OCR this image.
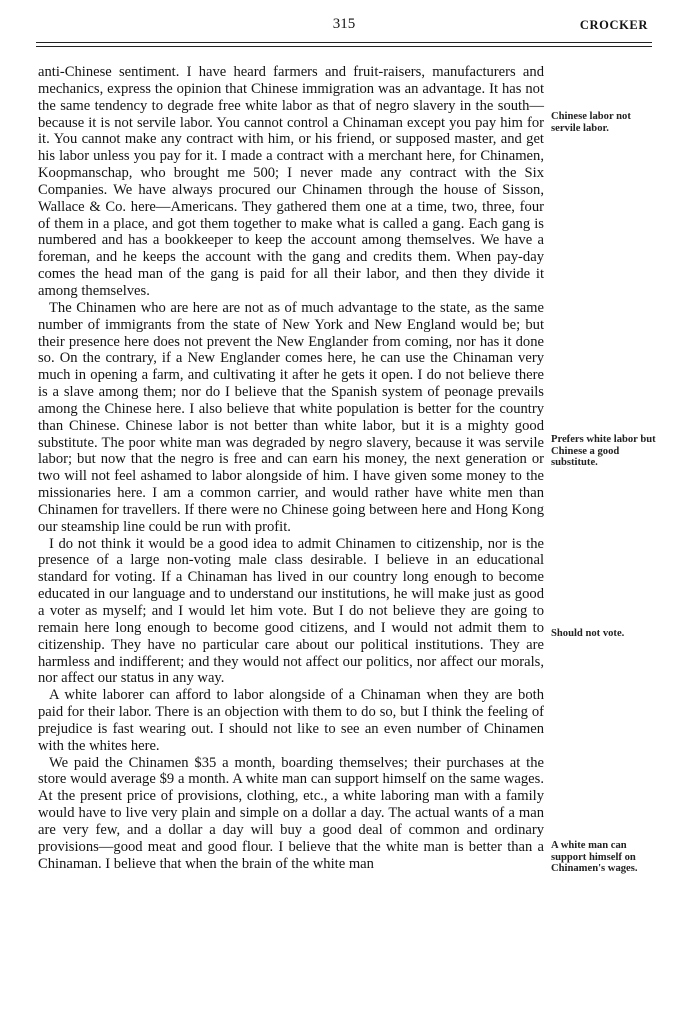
315	CROCKER

anti-Chinese sentiment. I have heard farmers and fruit-raisers, manufacturers and mechanics, express the opinion that Chinese immigration was an advantage. It has not the same tendency to degrade free white labor as that of negro slavery in the south—because it is not servile labor. You cannot control a Chinaman except you pay him for it. You cannot make any contract with him, or his friend, or supposed master, and get his labor unless you pay for it. I made a contract with a merchant here, for Chinamen, Koopmanschap, who brought me 500; I never made any contract with the Six Companies. We have always procured our Chinamen through the house of Sisson, Wallace & Co. here—Americans. They gathered them one at a time, two, three, four of them in a place, and got them together to make what is called a gang. Each gang is numbered and has a bookkeeper to keep the account among themselves. We have a foreman, and he keeps the account with the gang and credits them. When pay-day comes the head man of the gang is paid for all their labor, and then they divide it among themselves.

The Chinamen who are here are not as of much advantage to the state, as the same number of immigrants from the state of New York and New England would be; but their presence here does not prevent the New Englander from coming, nor has it done so. On the contrary, if a New Englander comes here, he can use the Chinaman very much in opening a farm, and cultivating it after he gets it open. I do not believe there is a slave among them; nor do I believe that the Spanish system of peonage prevails among the Chinese here. I also believe that white population is better for the country than Chinese. Chinese labor is not better than white labor, but it is a mighty good substitute. The poor white man was degraded by negro slavery, because it was servile labor; but now that the negro is free and can earn his money, the next generation or two will not feel ashamed to labor alongside of him. I have given some money to the missionaries here. I am a common carrier, and would rather have white men than Chinamen for travellers. If there were no Chinese going between here and Hong Kong our steamship line could be run with profit.

I do not think it would be a good idea to admit Chinamen to citizenship, nor is the presence of a large non-voting male class desirable. I believe in an educational standard for voting. If a Chinaman has lived in our country long enough to become educated in our language and to understand our institutions, he will make just as good a voter as myself; and I would let him vote. But I do not believe they are going to remain here long enough to become good citizens, and I would not admit them to citizenship. They have no particular care about our political institutions. They are harmless and indifferent; and they would not affect our politics, nor affect our morals, nor affect our status in any way.

A white laborer can afford to labor alongside of a Chinaman when they are both paid for their labor. There is an objection with them to do so, but I think the feeling of prejudice is fast wearing out. I should not like to see an even number of Chinamen with the whites here.

We paid the Chinamen $35 a month, boarding themselves; their purchases at the store would average $9 a month. A white man can support himself on the same wages. At the present price of provisions, clothing, etc., a white laboring man with a family would have to live very plain and simple on a dollar a day. The actual wants of a man are very few, and a dollar a day will buy a good deal of common and ordinary provisions—good meat and good flour. I believe that the white man is better than a Chinaman. I believe that when the brain of the white man

Chinese labor not servile labor.
Prefers white labor but Chinese a good substitute.
Should not vote.
A white man can support himself on Chinamen's wages.
